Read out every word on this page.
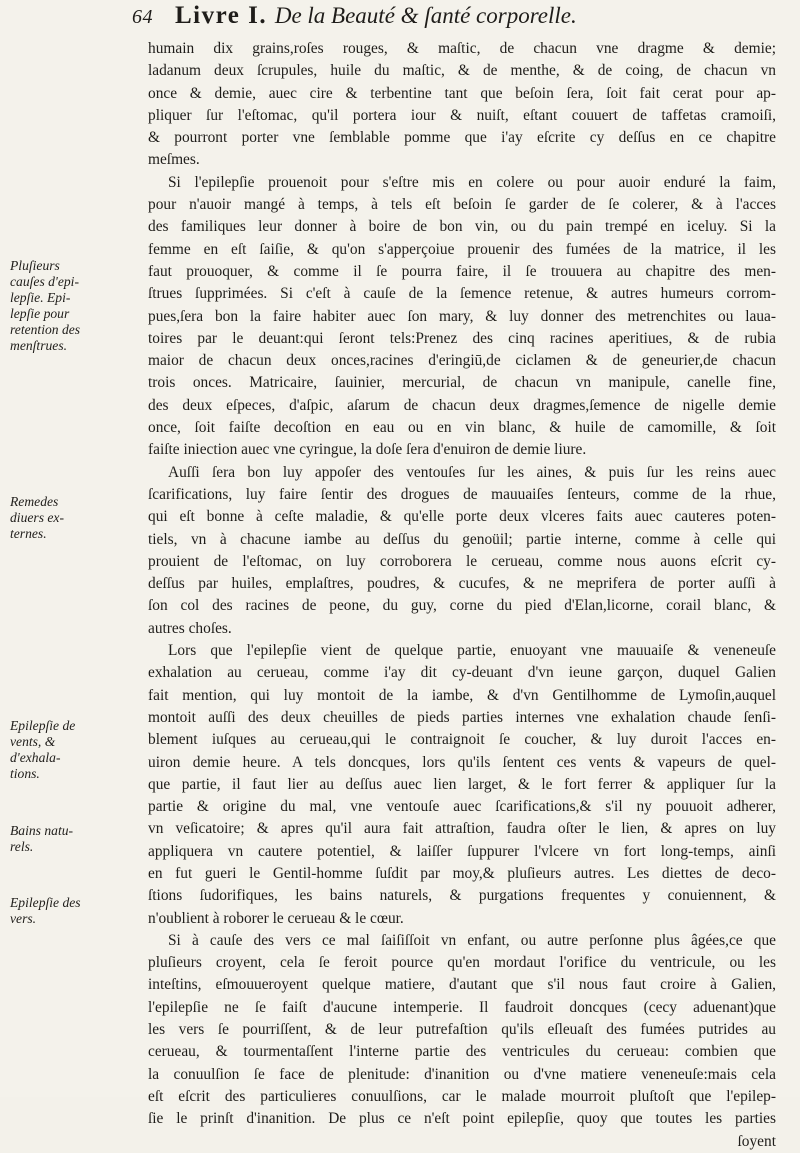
64 Livre I. De la Beauté & ſanté corporelle.
humain dix grains,roſes rouges, & maſtic, de chacun vne dragme & demie;
ladanum deux ſcrupules, huile du maſtic, & de menthe, & de coing, de chacun vn
once & demie, auec cire & terbentine tant que beſoin ſera, ſoit fait cerat pour ap-
pliquer ſur l'eſtomac, qu'il portera iour & nuiſt, eſtant couuert de taffetas cramoiſi,
& pourront porter vne ſemblable pomme que i'ay eſcrite cy deſſus en ce chapitre
meſmes.
Si l'epilepſie prouenoit pour s'eſtre mis en colere ou pour auoir enduré la faim,
pour n'auoir mangé à temps, à tels eſt beſoin ſe garder de ſe colerer, & à l'acces
des familiques leur donner à boire de bon vin, ou du pain trempé en iceluy. Si la
femme en eſt ſaiſie, & qu'on s'apperçoiue prouenir des fumées de la matrice, il les
faut prouoquer, & comme il ſe pourra faire, il ſe trouuera au chapitre des men-
ſtrues ſupprimées. Si c'eſt à cauſe de la ſemence retenue, & autres humeurs corrom-
pues,ſera bon la faire habiter auec ſon mary, & luy donner des metrenchites ou laua-
toires par le deuant:qui ſeront tels:Prenez des cinq racines aperitiues, & de rubia
maior de chacun deux onces,racines d'eringiū,de ciclamen & de geneurier,de chacun
trois onces. Matricaire, ſauinier, mercurial, de chacun vn manipule, canelle fine,
des deux eſpeces, d'aſpic, aſarum de chacun deux dragmes,ſemence de nigelle demie
once, ſoit faiſte decoſtion en eau ou en vin blanc, & huile de camomille, & ſoit
faiſte iniection auec vne cyringue, la doſe ſera d'enuiron de demie liure.
Auſſi ſera bon luy appoſer des ventouſes ſur les aines, & puis ſur les reins auec
ſcarifications, luy faire ſentir des drogues de mauuaiſes ſenteurs, comme de la rhue,
qui eſt bonne à ceſte maladie, & qu'elle porte deux vlceres faits auec cauteres poten-
tiels, vn à chacune iambe au deſſus du genoüil; partie interne, comme à celle qui
prouient de l'eſtomac, on luy corroborera le cerueau, comme nous auons eſcrit cy-
deſſus par huiles, emplaſtres, poudres, & cucufes, & ne meprifera de porter auſſi à
ſon col des racines de peone, du guy, corne du pied d'Elan,licorne, corail blanc, &
autres choſes.
Lors que l'epilepſie vient de quelque partie, enuoyant vne mauuaiſe & veneneuſe
exhalation au cerueau, comme i'ay dit cy-deuant d'vn ieune garçon, duquel Galien
fait mention, qui luy montoit de la iambe, & d'vn Gentilhomme de Lymoſin,auquel
montoit auſſi des deux cheuilles de pieds parties internes vne exhalation chaude ſenſi-
blement iuſques au cerueau,qui le contraignoit ſe coucher, & luy duroit l'acces en-
uiron demie heure. A tels doncques, lors qu'ils ſentent ces vents & vapeurs de quel-
que partie, il faut lier au deſſus auec lien larget, & le fort ferrer & appliquer ſur la
partie & origine du mal, vne ventouſe auec ſcarifications,& s'il ny pouuoit adherer,
vn veſicatoire; & apres qu'il aura fait attraſtion, faudra oſter le lien, & apres on luy
appliquera vn cautere potentiel, & laiſſer ſuppurer l'vlcere vn fort long-temps, ainſi
en fut gueri le Gentil-homme ſuſdit par moy,& pluſieurs autres. Les diettes de deco-
ſtions ſudorifiques, les bains naturels, & purgations frequentes y conuiennent, &
n'oublient à roborer le cerueau & le cœur.
Si à cauſe des vers ce mal ſaiſiſſoit vn enfant, ou autre perſonne plus âgées,ce que
pluſieurs croyent, cela ſe feroit pource qu'en mordaut l'orifice du ventricule, ou les
inteſtins, eſmouueroyent quelque matiere, d'autant que s'il nous faut croire à Galien,
l'epilepſie ne ſe faiſt d'aucune intemperie. Il faudroit doncques (cecy aduenant)que
les vers ſe pourriſſent, & de leur putrefaſtion qu'ils eſleuaſt des fumées putrides au
cerueau, & tourmentaſſent l'interne partie des ventricules du cerueau: combien que
la conuulſion ſe face de plenitude: d'inanition ou d'vne matiere veneneuſe:mais cela
eſt eſcrit des particulieres conuulſions, car le malade mourroit pluſtoſt que l'epilep-
ſie le prinſt d'inanition. De plus ce n'eſt point epilepſie, quoy que toutes les parties
ſoyent
Pluſieurs
cauſes d'epi-
lepſie. Epi-
lepſie pour
retention des
menſtrues.
Remedes
diuers ex-
ternes.
Epilepſie de
vents, &
d'exhala-
tions.
Bains natu-
rels.
Epilepſie des
vers.
